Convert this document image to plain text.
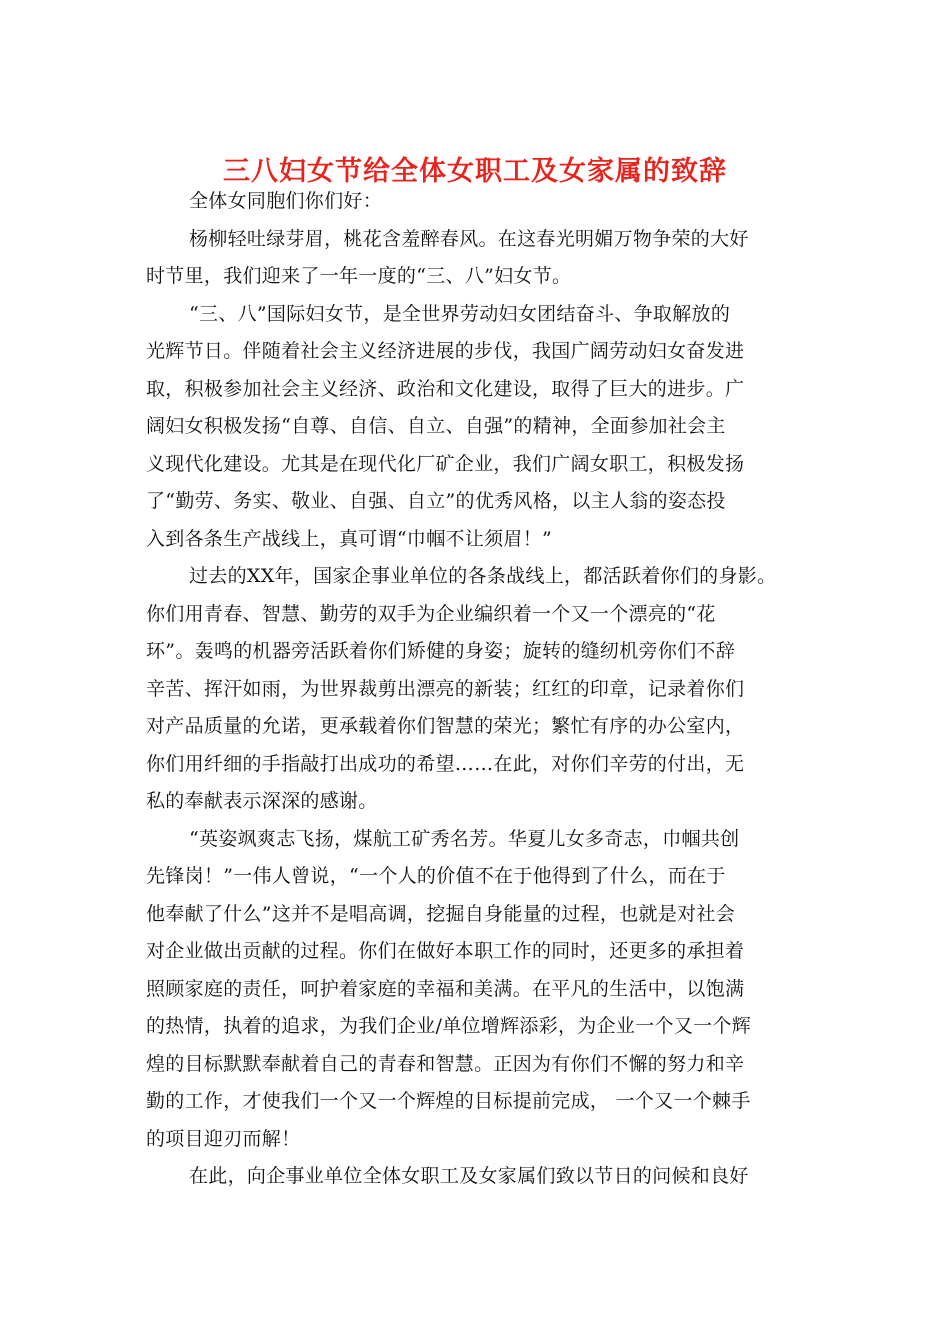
三八妇女节给全体女职工及女家属的致辞
全体女同胞们你们好：
杨柳轻吐绿芽眉，桃花含羞醉春风。在这春光明媚万物争荣的大好
时节里，我们迎来了一年一度的“三、八”妇女节。
“三、八”国际妇女节，是全世界劳动妇女团结奋斗、争取解放的
光辉节日。伴随着社会主义经济进展的步伐，我国广阔劳动妇女奋发进
取，积极参加社会主义经济、政治和文化建设，取得了巨大的进步。广
阔妇女积极发扬“自尊、自信、自立、自强”的精神，全面参加社会主
义现代化建设。尤其是在现代化厂矿企业，我们广阔女职工，积极发扬
了“勤劳、务实、敬业、自强、自立”的优秀风格，以主人翁的姿态投
入到各条生产战线上，真可谓“巾帼不让须眉！”
过去的XX年，国家企事业单位的各条战线上，都活跃着你们的身影。
你们用青春、智慧、勤劳的双手为企业编织着一个又一个漂亮的“花
环”。轰鸣的机器旁活跃着你们矫健的身姿；旋转的缝纫机旁你们不辞
辛苦、挥汗如雨，为世界裁剪出漂亮的新装；红红的印章，记录着你们
对产品质量的允诺，更承载着你们智慧的荣光；繁忙有序的办公室内，
你们用纤细的手指敲打出成功的希望……在此，对你们辛劳的付出，无
私的奉献表示深深的感谢。
“英姿飒爽志飞扬，煤航工矿秀名芳。华夏儿女多奇志，巾帼共创
先锋岗！”一伟人曾说，“一个人的价值不在于他得到了什么，而在于
他奉献了什么”这并不是唱高调，挖掘自身能量的过程，也就是对社会
对企业做出贡献的过程。你们在做好本职工作的同时，还更多的承担着
照顾家庭的责任，呵护着家庭的幸福和美满。在平凡的生活中，以饱满
的热情，执着的追求，为我们企业/单位增辉添彩，为企业一个又一个辉
煌的目标默默奉献着自己的青春和智慧。正因为有你们不懈的努力和辛
勤的工作，才使我们一个又一个辉煌的目标提前完成， 一个又一个棘手
的项目迎刃而解！
在此，向企事业单位全体女职工及女家属们致以节日的问候和良好
